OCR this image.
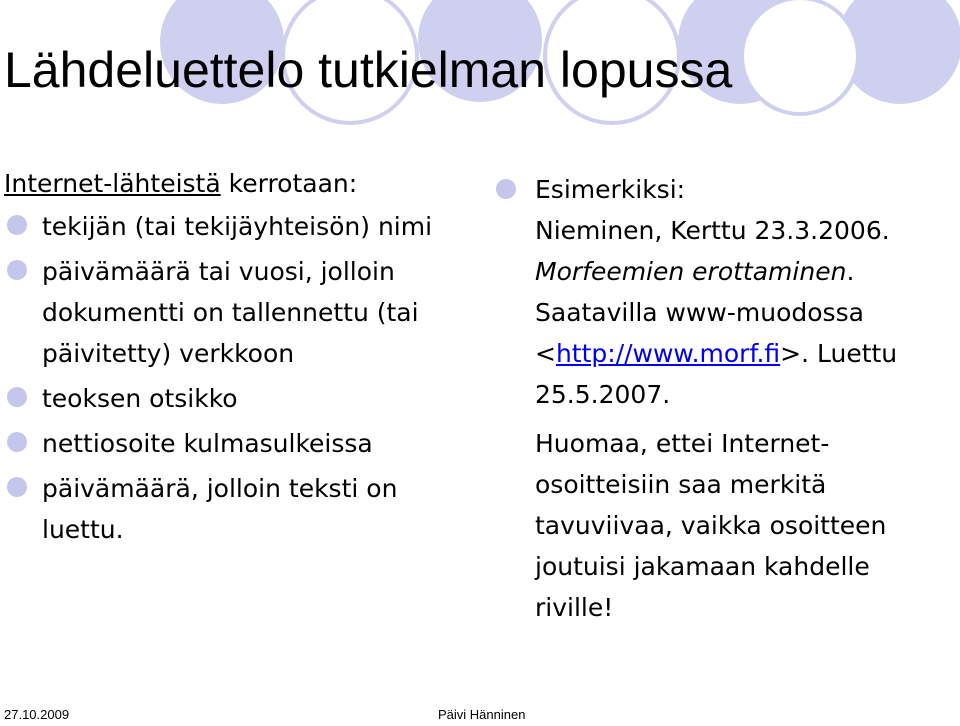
Lähdeluettelo tutkielman lopussa
Internet-lähteistä kerrotaan:
tekijän (tai tekijäyhteisön) nimi
päivämäärä tai vuosi, jolloin dokumentti on tallennettu (tai päivitetty) verkkoon
teoksen otsikko
nettiosoite kulmasulkeissa
päivämäärä, jolloin teksti on luettu.

Esimerkiksi:

Nieminen, Kerttu 23.3.2006. Morfeemien erottaminen. Saatavilla www-muodossa <http://www.morf.fi>. Luettu 25.5.2007.

Huomaa, ettei Internet-osoitteisiin saa merkitä tavuviivaa, vaikka osoitteen joutuisi jakamaan kahdelle riville!

27.10.2009	Päivi Hänninen
